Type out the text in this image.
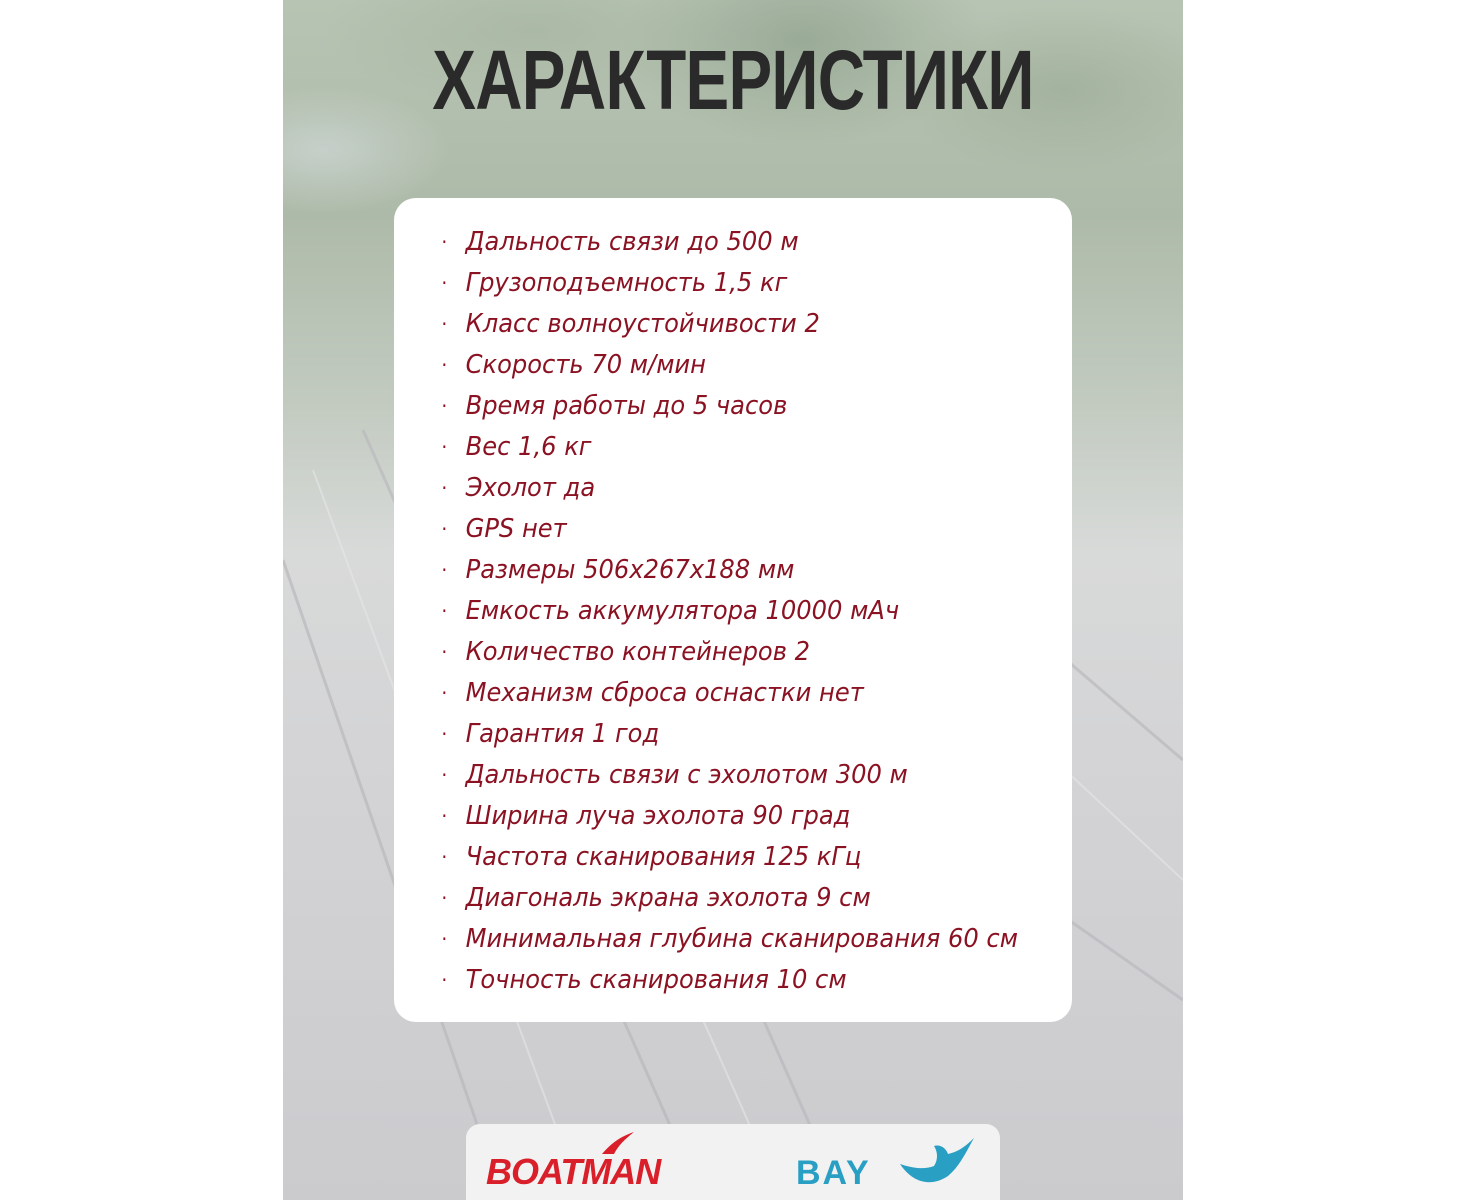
ХАРАКТЕРИСТИКИ
· Дальность связи до 500 м
· Грузоподъемность 1,5 кг
· Класс волноустойчивости 2
· Скорость 70 м/мин
· Время работы до 5 часов
· Вес 1,6 кг
· Эхолот да
· GPS нет
· Размеры 506х267х188 мм
· Емкость аккумулятора 10000 мАч
· Количество контейнеров 2
· Механизм сброса оснастки нет
· Гарантия 1 год
· Дальность связи с эхолотом 300 м
· Ширина луча эхолота 90 град
· Частота сканирования 125 кГц
· Диагональ экрана эхолота 9 см
· Минимальная глубина сканирования 60 см
· Точность сканирования 10 см
BOATMAN	BAY
